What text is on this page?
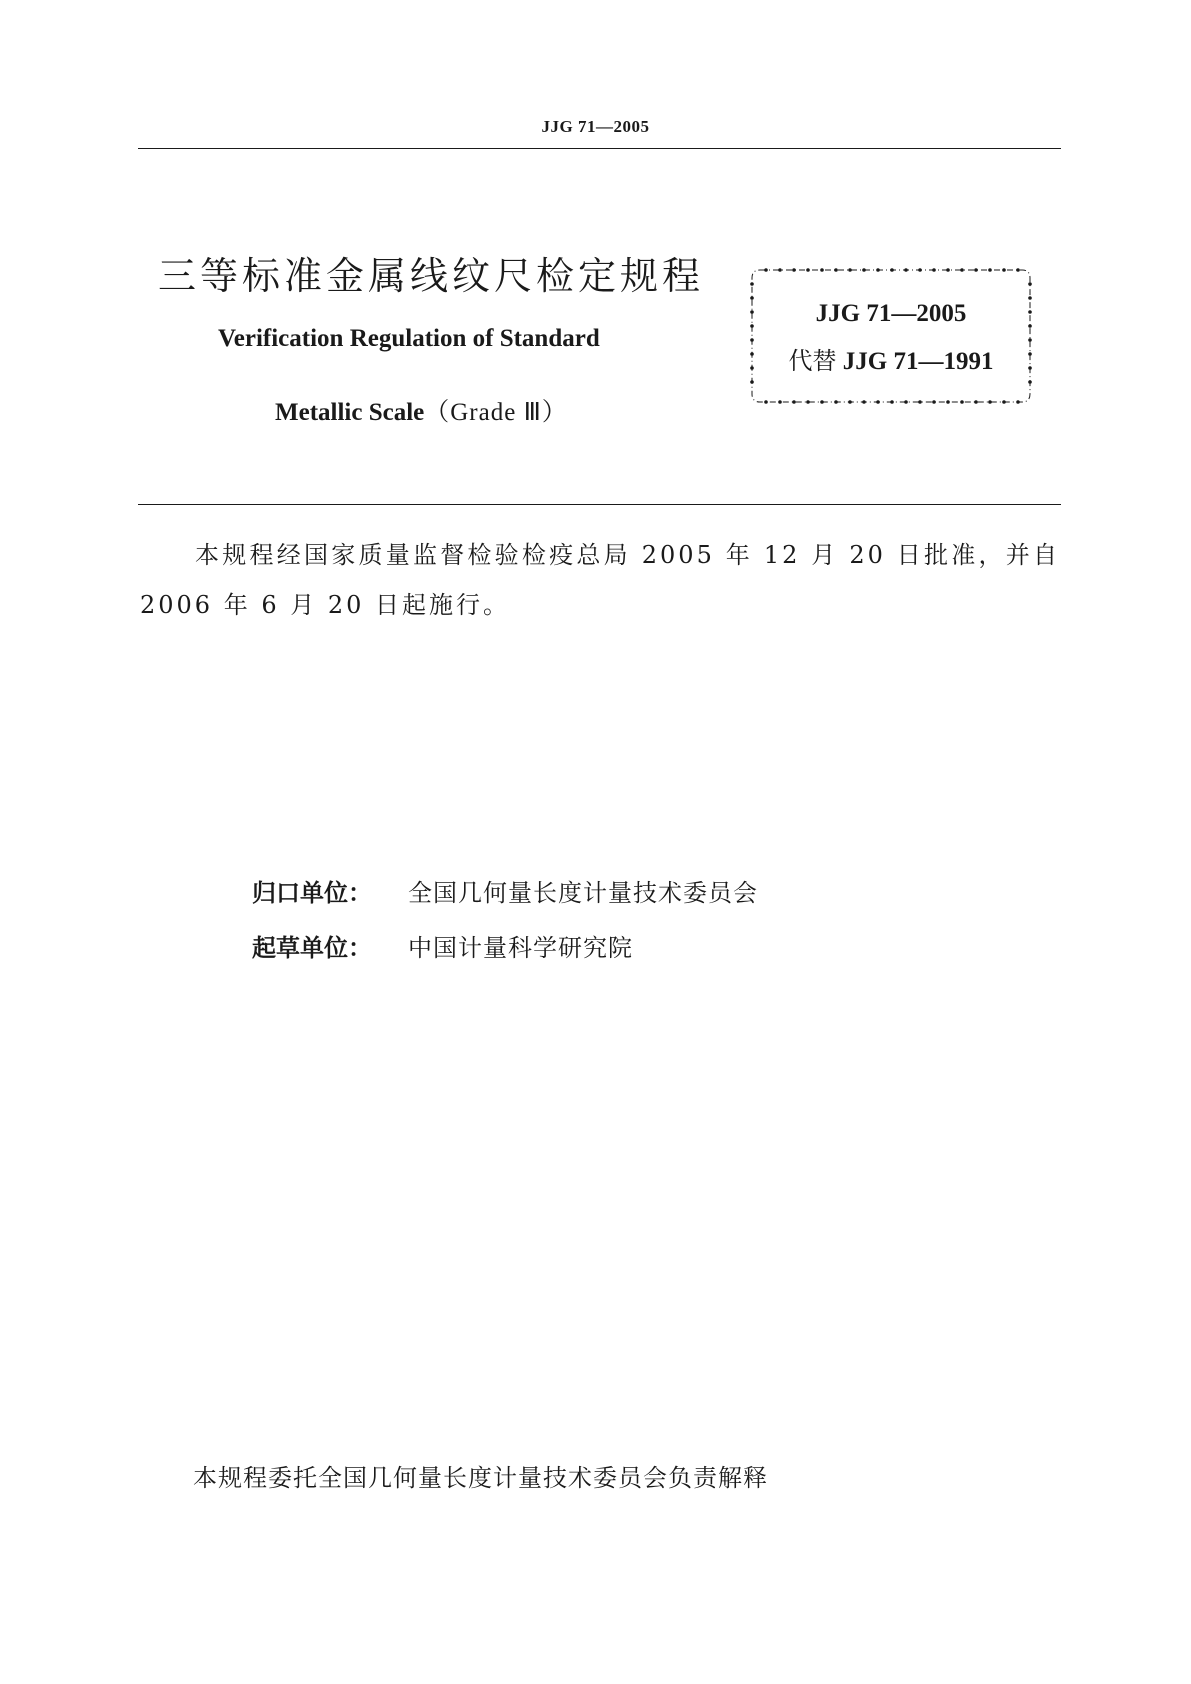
JJG 71—2005
三等标准金属线纹尺检定规程
Verification Regulation of Standard
Metallic Scale（Grade Ⅲ）
JJG 71—2005
代替 JJG 71—1991
本规程经国家质量监督检验检疫总局 2005 年 12 月 20 日批准，并自 2006 年 6 月 20 日起施行。
归口单位： 全国几何量长度计量技术委员会
起草单位： 中国计量科学研究院
本规程委托全国几何量长度计量技术委员会负责解释
